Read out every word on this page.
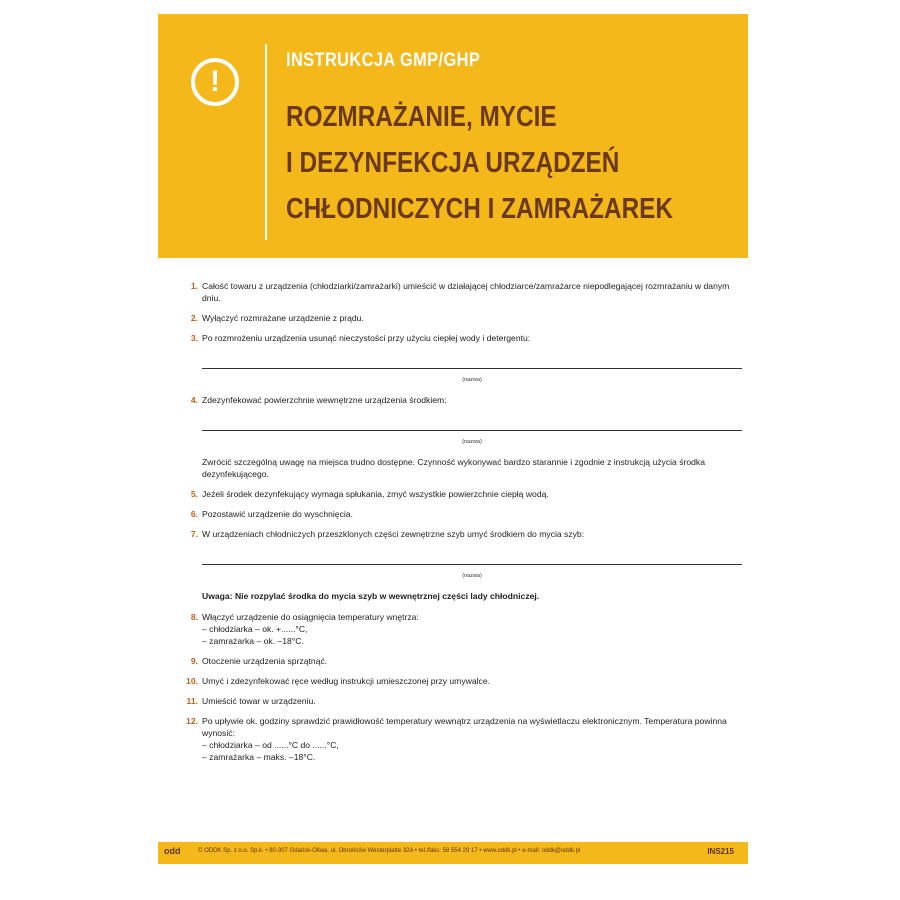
!
INSTRUKCJA GMP/GHP
ROZMRAŻANIE, MYCIE
I DEZYNFEKCJA URZĄDZEŃ
CHŁODNICZYCH I ZAMRAŻAREK
1. Całość towaru z urządzenia (chłodziarki/zamrażarki) umieścić w działającej chłodziarce/zamrażarce niepodlegającej rozmrażaniu w danym dniu.
2. Wyłączyć rozmrażane urządzenie z prądu.
3. Po rozmrożeniu urządzenia usunąć nieczystości przy użyciu ciepłej wody i detergentu:
(nazwa)
4. Zdezynfekować powierzchnie wewnętrzne urządzenia środkiem:
(nazwa)
Zwrócić szczególną uwagę na miejsca trudno dostępne. Czynność wykonywać bardzo starannie i zgodnie z instrukcją użycia środka dezynfekującego.
5. Jeżeli środek dezynfekujący wymaga spłukania, zmyć wszystkie powierzchnie ciepłą wodą.
6. Pozostawić urządzenie do wyschnięcia.
7. W urządzeniach chłodniczych przeszklonych części zewnętrzne szyb umyć środkiem do mycia szyb:
(nazwa)
Uwaga: Nie rozpylać środka do mycia szyb w wewnętrznej części lady chłodniczej.
8. Włączyć urządzenie do osiągnięcia temperatury wnętrza:
– chłodziarka – ok. +......°C,
– zamrażarka – ok. –18°C.
9. Otoczenie urządzenia sprzątnąć.
10. Umyć i zdezynfekować ręce według instrukcji umieszczonej przy umywalce.
11. Umieścić towar w urządzeniu.
12. Po upływie ok. godziny sprawdzić prawidłowość temperatury wewnątrz urządzenia na wyświetlaczu elektronicznym. Temperatura powinna wynosić:
– chłodziarka – od ......°C do ......°C,
– zamrażarka – maks. –18°C.
odd	© ODDK Sp. z o.o. Sp.k. • 80-307 Gdańsk-Oliwa, ul. Obrońców Westerplatte 32A • tel./faks: 58 554 29 17 • www.oddk.pl • e-mail: oddk@oddk.pl	INS215
